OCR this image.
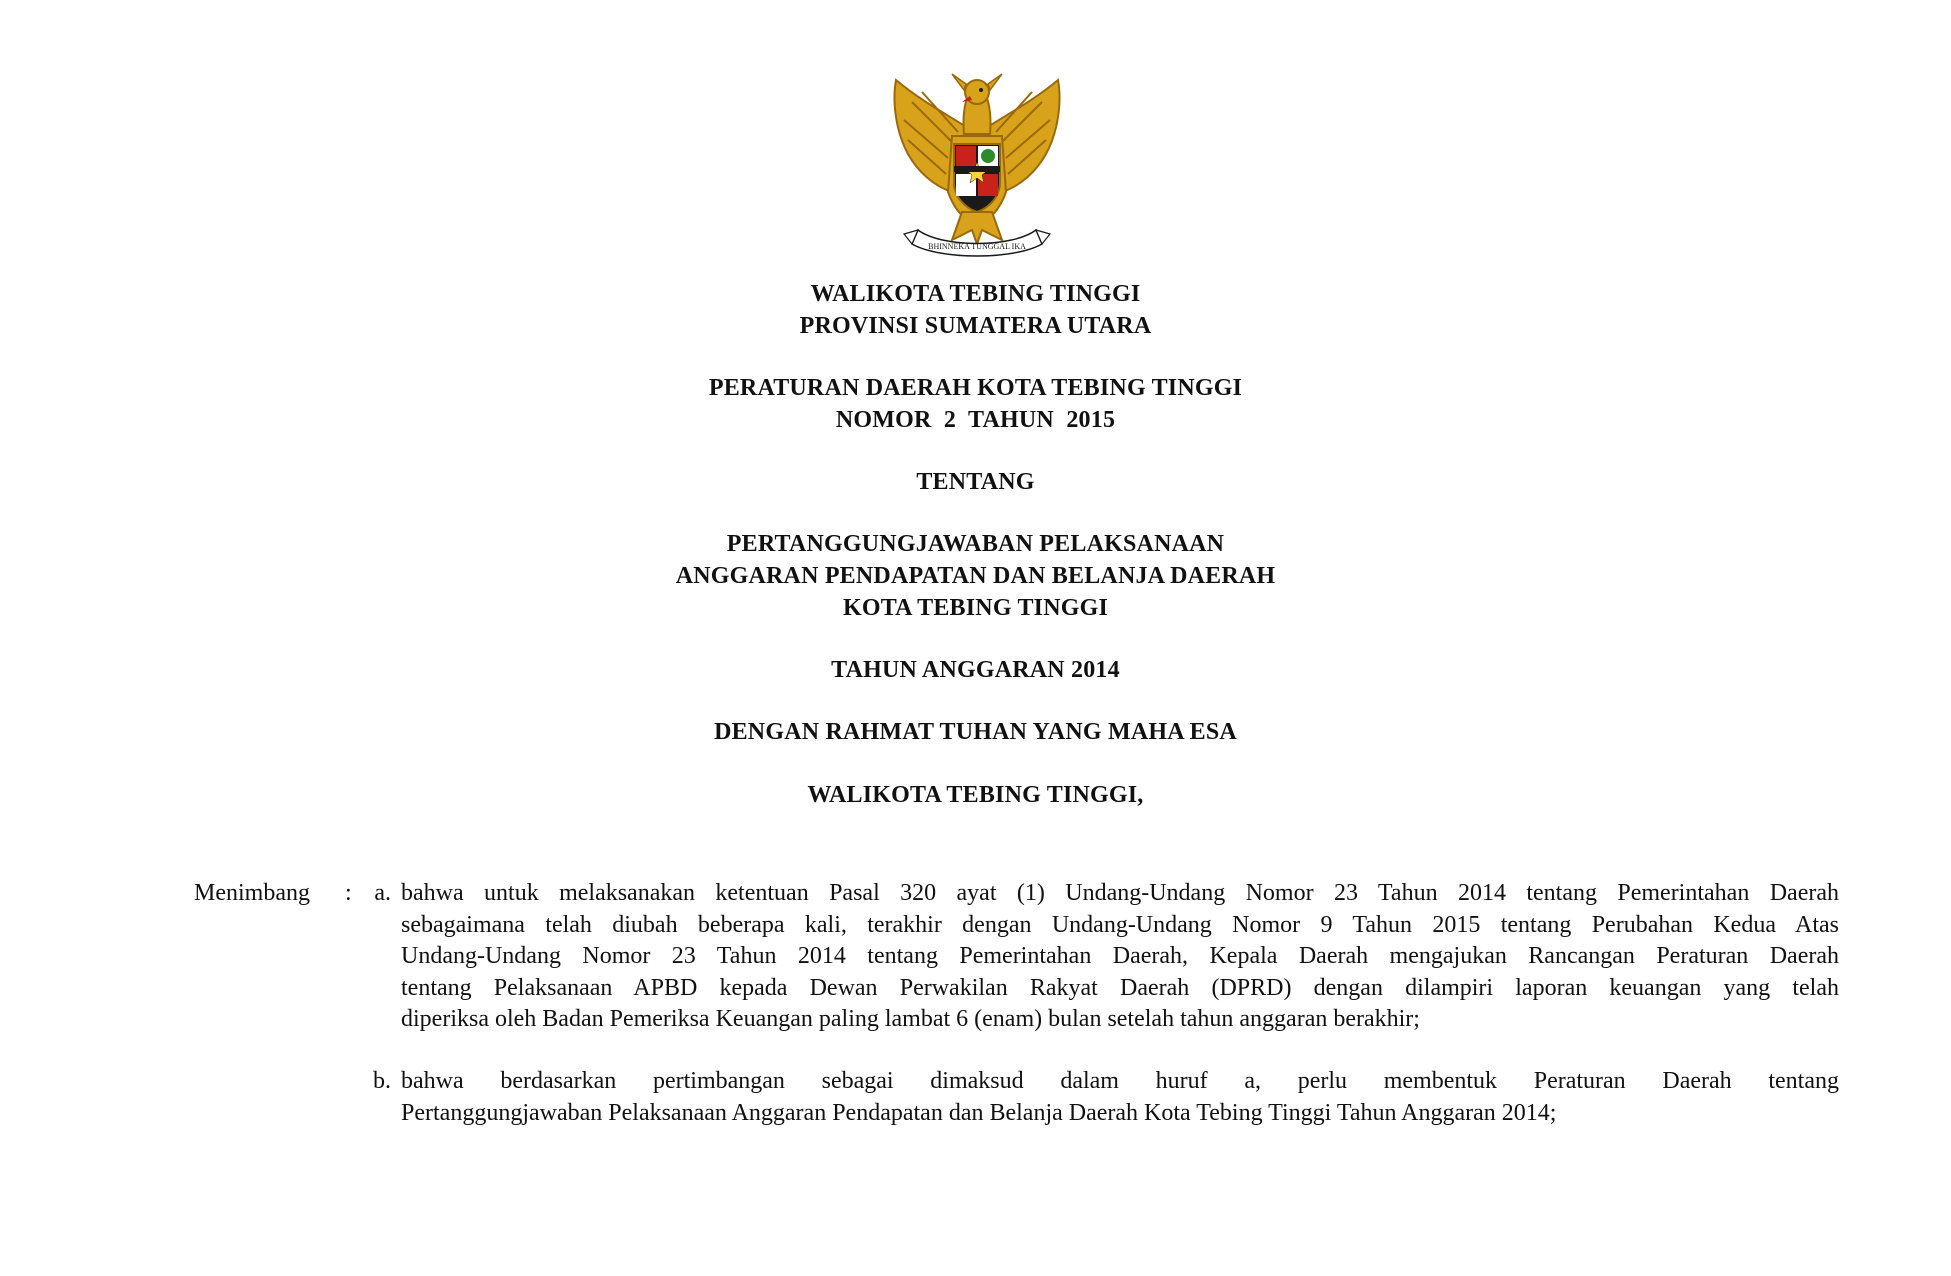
BHINNEKA TUNGGAL IKA
WALIKOTA TEBING TINGGI
PROVINSI SUMATERA UTARA
PERATURAN DAERAH KOTA TEBING TINGGI
NOMOR  2  TAHUN  2015
TENTANG
PERTANGGUNGJAWABAN PELAKSANAAN
ANGGARAN PENDAPATAN DAN BELANJA DAERAH
KOTA TEBING TINGGI
TAHUN ANGGARAN 2014
DENGAN RAHMAT TUHAN YANG MAHA ESA
WALIKOTA TEBING TINGGI,
Menimbang : a. bahwa untuk melaksanakan ketentuan Pasal 320 ayat (1) Undang-Undang Nomor 23 Tahun 2014 tentang Pemerintahan Daerah
sebagaimana telah diubah beberapa kali, terakhir dengan Undang-Undang Nomor 9 Tahun 2015 tentang Perubahan Kedua Atas
Undang-Undang Nomor 23 Tahun 2014 tentang Pemerintahan Daerah, Kepala Daerah mengajukan Rancangan Peraturan Daerah
tentang Pelaksanaan APBD kepada Dewan Perwakilan Rakyat Daerah (DPRD) dengan dilampiri laporan keuangan yang telah
diperiksa oleh Badan Pemeriksa Keuangan paling lambat 6 (enam) bulan setelah tahun anggaran berakhir;
b. bahwa berdasarkan pertimbangan sebagai dimaksud dalam huruf a, perlu membentuk Peraturan Daerah tentang
Pertanggungjawaban Pelaksanaan Anggaran Pendapatan dan Belanja Daerah Kota Tebing Tinggi Tahun Anggaran 2014;
